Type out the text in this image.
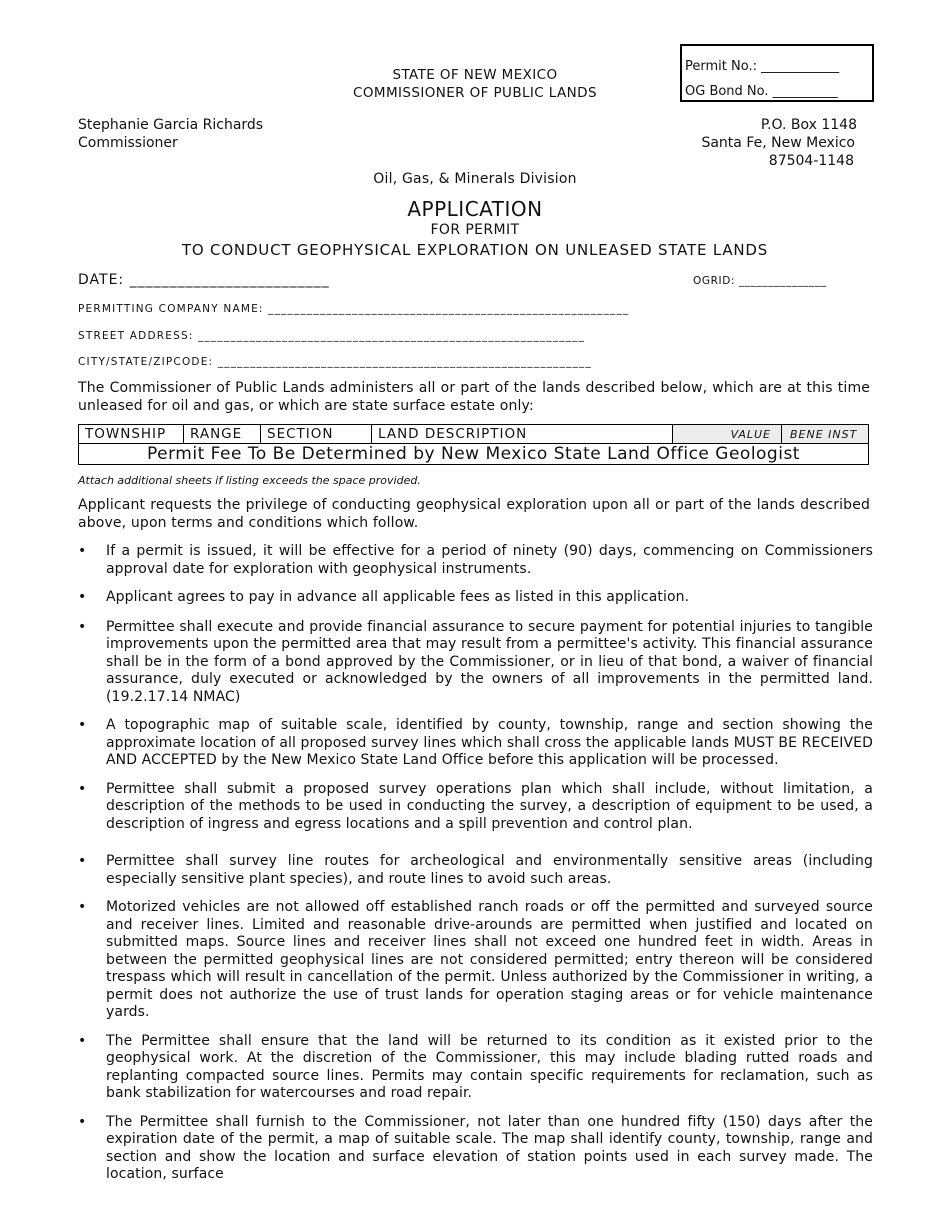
Permit No.: ____________
OG Bond No. __________
STATE OF NEW MEXICO
COMMISSIONER OF PUBLIC LANDS
Stephanie Garcia Richards
Commissioner
P.O. Box 1148
Santa Fe, New Mexico
87504-1148
Oil, Gas, & Minerals Division
APPLICATION
FOR PERMIT
TO CONDUCT GEOPHYSICAL EXPLORATION ON UNLEASED STATE LANDS
DATE: _________________________	OGRID: _______________
PERMITTING COMPANY NAME: ________________________________________________________
STREET ADDRESS: ____________________________________________________________
CITY/STATE/ZIPCODE: __________________________________________________________
The Commissioner of Public Lands administers all or part of the lands described below, which are at this time unleased for oil and gas, or which are state surface estate only:
TOWNSHIP	RANGE	SECTION	LAND DESCRIPTION	VALUE	BENE INST
Permit Fee To Be Determined by New Mexico State Land Office Geologist
Attach additional sheets if listing exceeds the space provided.
Applicant requests the privilege of conducting geophysical exploration upon all or part of the lands described above, upon terms and conditions which follow.
• If a permit is issued, it will be effective for a period of ninety (90) days, commencing on Commissioners approval date for exploration with geophysical instruments.
• Applicant agrees to pay in advance all applicable fees as listed in this application.
• Permittee shall execute and provide financial assurance to secure payment for potential injuries to tangible improvements upon the permitted area that may result from a permittee's activity. This financial assurance shall be in the form of a bond approved by the Commissioner, or in lieu of that bond, a waiver of financial assurance, duly executed or acknowledged by the owners of all improvements in the permitted land. (19.2.17.14 NMAC)
• A topographic map of suitable scale, identified by county, township, range and section showing the approximate location of all proposed survey lines which shall cross the applicable lands MUST BE RECEIVED AND ACCEPTED by the New Mexico State Land Office before this application will be processed.
• Permittee shall submit a proposed survey operations plan which shall include, without limitation, a description of the methods to be used in conducting the survey, a description of equipment to be used, a description of ingress and egress locations and a spill prevention and control plan.
• Permittee shall survey line routes for archeological and environmentally sensitive areas (including especially sensitive plant species), and route lines to avoid such areas.
• Motorized vehicles are not allowed off established ranch roads or off the permitted and surveyed source and receiver lines. Limited and reasonable drive-arounds are permitted when justified and located on submitted maps. Source lines and receiver lines shall not exceed one hundred feet in width. Areas in between the permitted geophysical lines are not considered permitted; entry thereon will be considered trespass which will result in cancellation of the permit. Unless authorized by the Commissioner in writing, a permit does not authorize the use of trust lands for operation staging areas or for vehicle maintenance yards.
• The Permittee shall ensure that the land will be returned to its condition as it existed prior to the geophysical work. At the discretion of the Commissioner, this may include blading rutted roads and replanting compacted source lines. Permits may contain specific requirements for reclamation, such as bank stabilization for watercourses and road repair.
• The Permittee shall furnish to the Commissioner, not later than one hundred fifty (150) days after the expiration date of the permit, a map of suitable scale. The map shall identify county, township, range and section and show the location and surface elevation of station points used in each survey made. The location, surface
